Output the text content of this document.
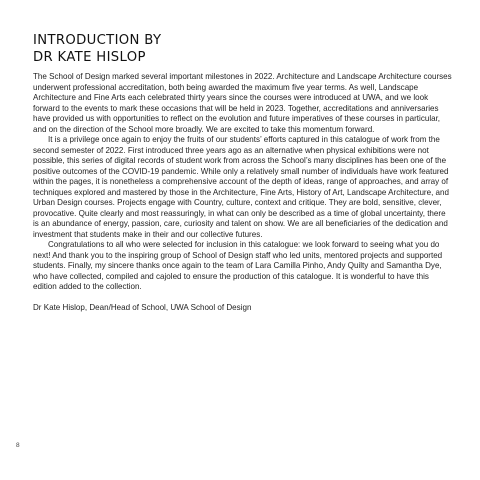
INTRODUCTION BY
DR KATE HISLOP

The School of Design marked several important milestones in 2022. Architecture and Landscape Architecture courses underwent professional accreditation, both being awarded the maximum five year terms. As well, Landscape Architecture and Fine Arts each celebrated thirty years since the courses were introduced at UWA, and we look forward to the events to mark these occasions that will be held in 2023. Together, accreditations and anniversaries have provided us with opportunities to reflect on the evolution and future imperatives of these courses in particular, and on the direction of the School more broadly. We are excited to take this momentum forward.

It is a privilege once again to enjoy the fruits of our students’ efforts captured in this catalogue of work from the second semester of 2022. First introduced three years ago as an alternative when physical exhibitions were not possible, this series of digital records of student work from across the School’s many disciplines has been one of the positive outcomes of the COVID-19 pandemic. While only a relatively small number of individuals have work featured within the pages, it is nonetheless a comprehensive account of the depth of ideas, range of approaches, and array of techniques explored and mastered by those in the Architecture, Fine Arts, History of Art, Landscape Architecture, and Urban Design courses. Projects engage with Country, culture, context and critique. They are bold, sensitive, clever, provocative. Quite clearly and most reassuringly, in what can only be described as a time of global uncertainty, there is an abundance of energy, passion, care, curiosity and talent on show. We are all beneficiaries of the dedication and investment that students make in their and our collective futures.

Congratulations to all who were selected for inclusion in this catalogue: we look forward to seeing what you do next! And thank you to the inspiring group of School of Design staff who led units, mentored projects and supported students. Finally, my sincere thanks once again to the team of Lara Camilla Pinho, Andy Quilty and Samantha Dye, who have collected, compiled and cajoled to ensure the production of this catalogue. It is wonderful to have this edition added to the collection.

Dr Kate Hislop, Dean/Head of School, UWA School of Design

8
